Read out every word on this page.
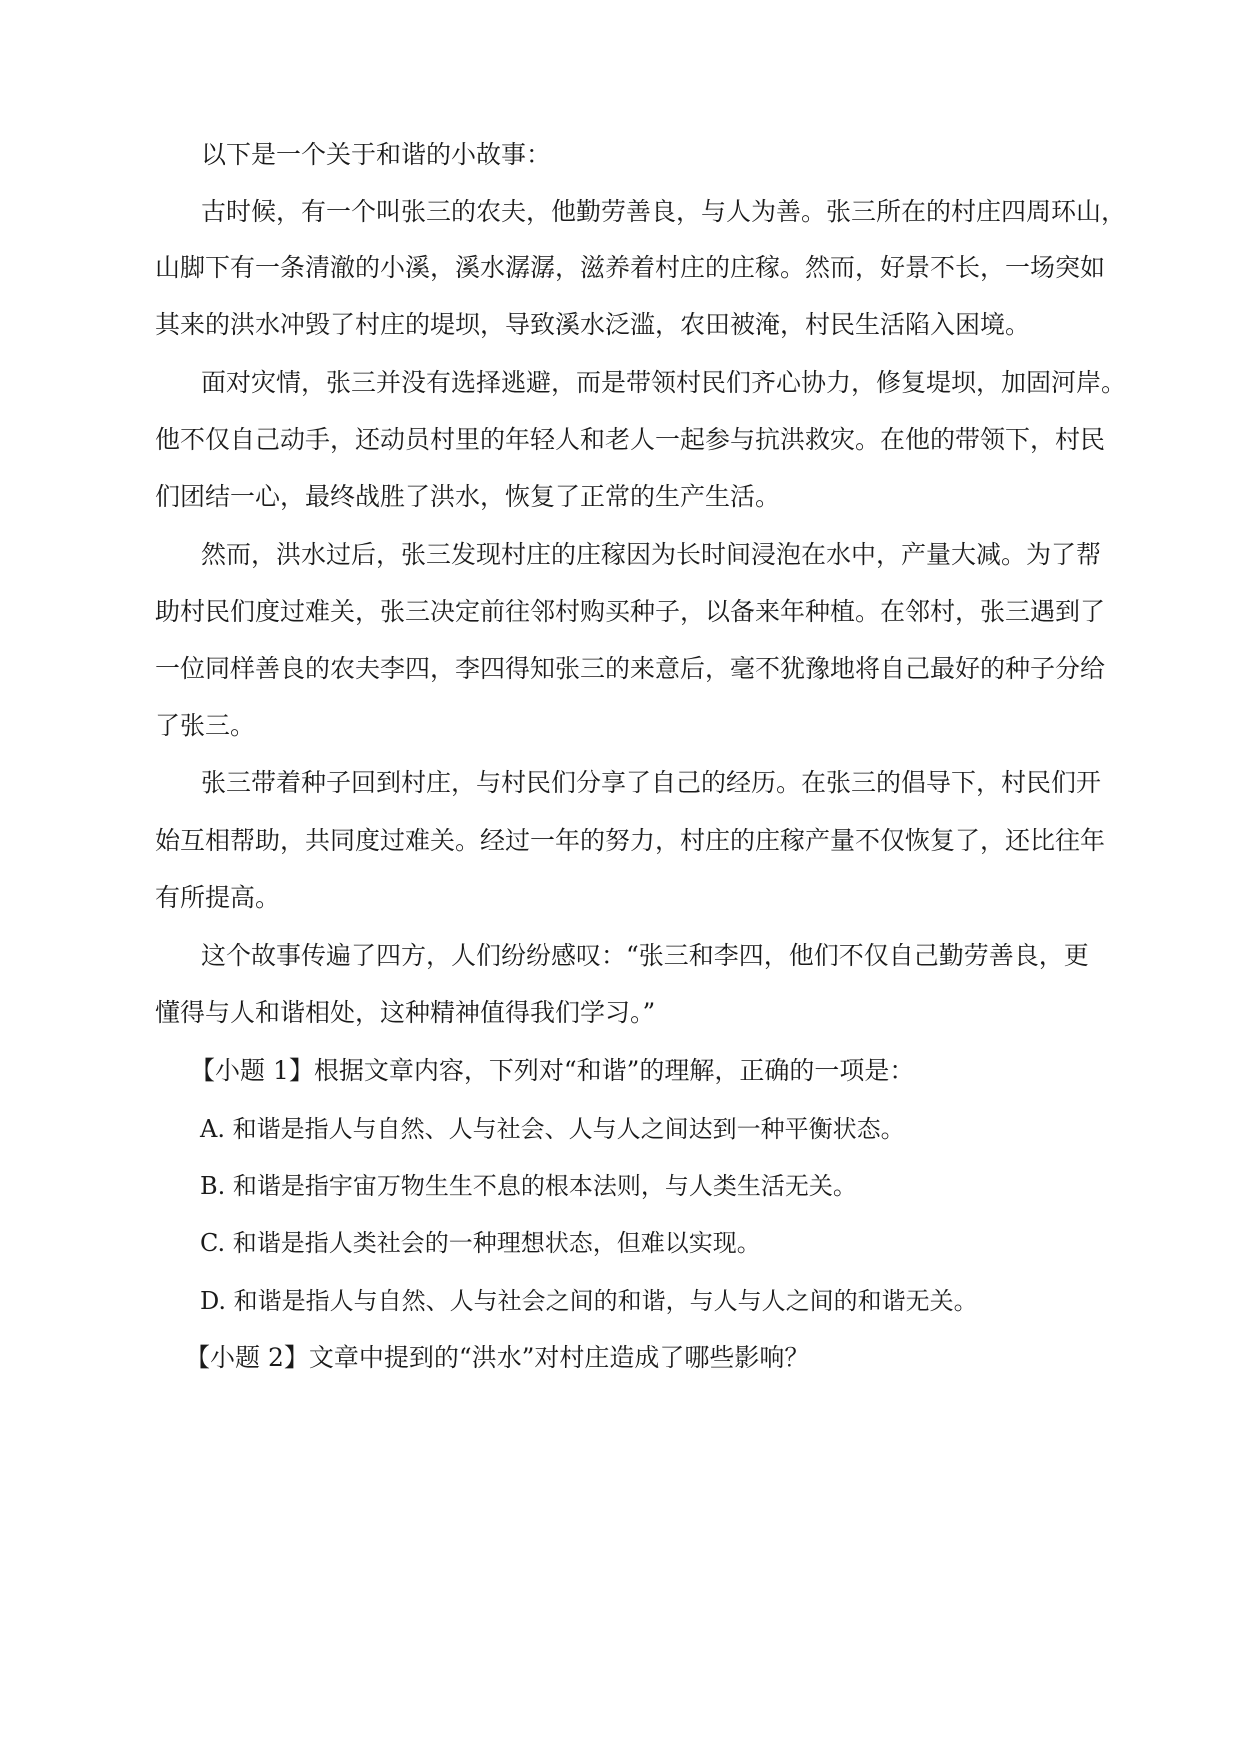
以下是一个关于和谐的小故事：
古时候，有一个叫张三的农夫，他勤劳善良，与人为善。张三所在的村庄四周环山，
山脚下有一条清澈的小溪，溪水潺潺，滋养着村庄的庄稼。然而，好景不长，一场突如
其来的洪水冲毁了村庄的堤坝，导致溪水泛滥，农田被淹，村民生活陷入困境。
面对灾情，张三并没有选择逃避，而是带领村民们齐心协力，修复堤坝，加固河岸。
他不仅自己动手，还动员村里的年轻人和老人一起参与抗洪救灾。在他的带领下，村民
们团结一心，最终战胜了洪水，恢复了正常的生产生活。
然而，洪水过后，张三发现村庄的庄稼因为长时间浸泡在水中，产量大减。为了帮
助村民们度过难关，张三决定前往邻村购买种子，以备来年种植。在邻村，张三遇到了
一位同样善良的农夫李四，李四得知张三的来意后，毫不犹豫地将自己最好的种子分给
了张三。
张三带着种子回到村庄，与村民们分享了自己的经历。在张三的倡导下，村民们开
始互相帮助，共同度过难关。经过一年的努力，村庄的庄稼产量不仅恢复了，还比往年
有所提高。
这个故事传遍了四方，人们纷纷感叹：“张三和李四，他们不仅自己勤劳善良，更
懂得与人和谐相处，这种精神值得我们学习。”
【小题 1】根据文章内容，下列对“和谐”的理解，正确的一项是：
A. 和谐是指人与自然、人与社会、人与人之间达到一种平衡状态。
B. 和谐是指宇宙万物生生不息的根本法则，与人类生活无关。
C. 和谐是指人类社会的一种理想状态，但难以实现。
D. 和谐是指人与自然、人与社会之间的和谐，与人与人之间的和谐无关。
【小题 2】文章中提到的“洪水”对村庄造成了哪些影响？
